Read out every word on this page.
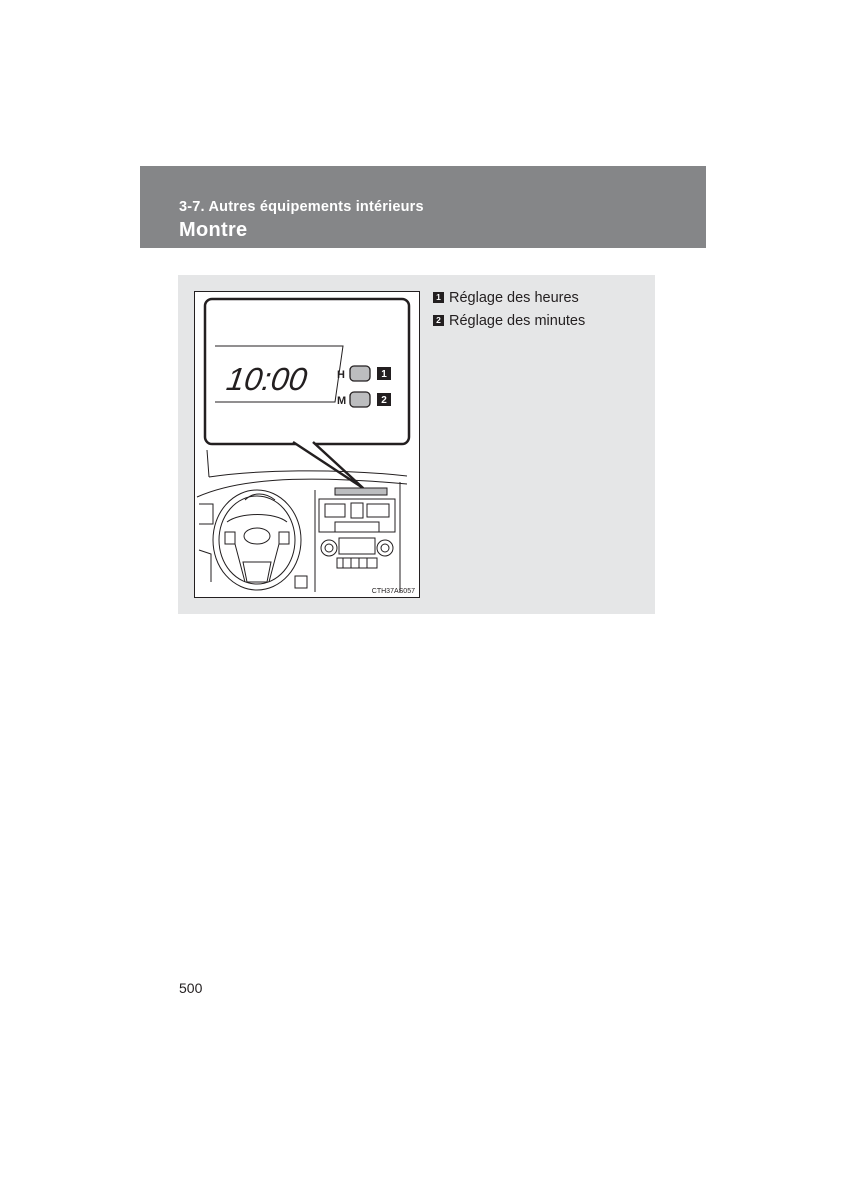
3-7. Autres équipements intérieurs
Montre
10:00	H
M
1
2
CTH37AS057
1 Réglage des heures
2 Réglage des minutes
500
